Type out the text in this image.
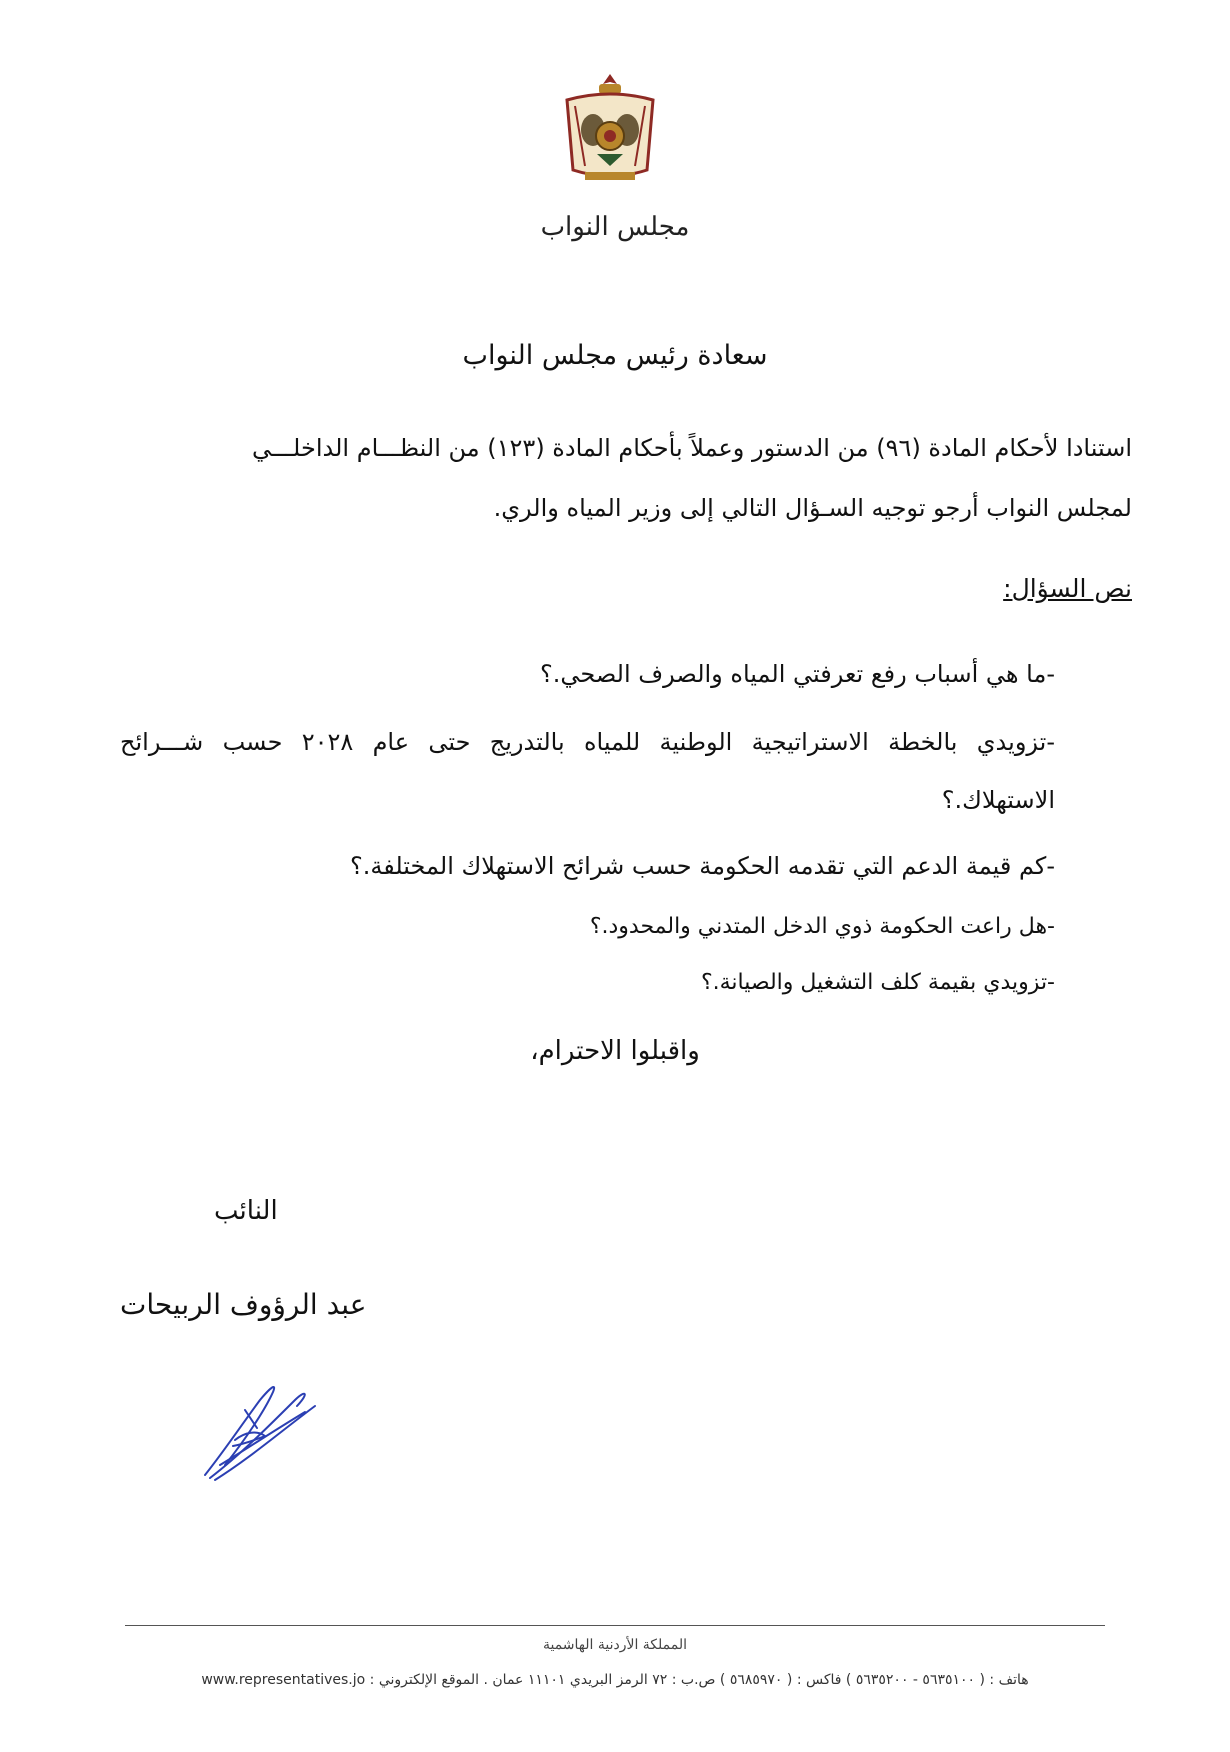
مجلس النواب
سعادة رئيس مجلس النواب
استنادا لأحكام المادة (٩٦) من الدستور وعملاً بأحكام المادة (١٢٣) من النظـــام الداخلـــي
لمجلس النواب أرجو توجيه السـؤال التالي إلى وزير المياه والري.
نص السؤال:
-ما هي أسباب رفع تعرفتي المياه والصرف الصحي.؟
-تزويدي بالخطة الاستراتيجية الوطنية للمياه بالتدريج حتى عام ٢٠٢٨ حسب شـــرائح
الاستهلاك.؟
-كم قيمة الدعم التي تقدمه الحكومة حسب شرائح الاستهلاك المختلفة.؟
-هل راعت الحكومة ذوي الدخل المتدني والمحدود.؟
-تزويدي بقيمة كلف التشغيل والصيانة.؟
واقبلوا الاحترام،
النائب
عبد الرؤوف الربيحات
المملكة الأردنية الهاشمية
هاتف : ( ٥٦٣٥١٠٠ - ٥٦٣٥٢٠٠ ) فاكس : ( ٥٦٨٥٩٧٠ ) ص.ب : ٧٢ الرمز البريدي ١١١٠١ عمان . الموقع الإلكتروني : www.representatives.jo
